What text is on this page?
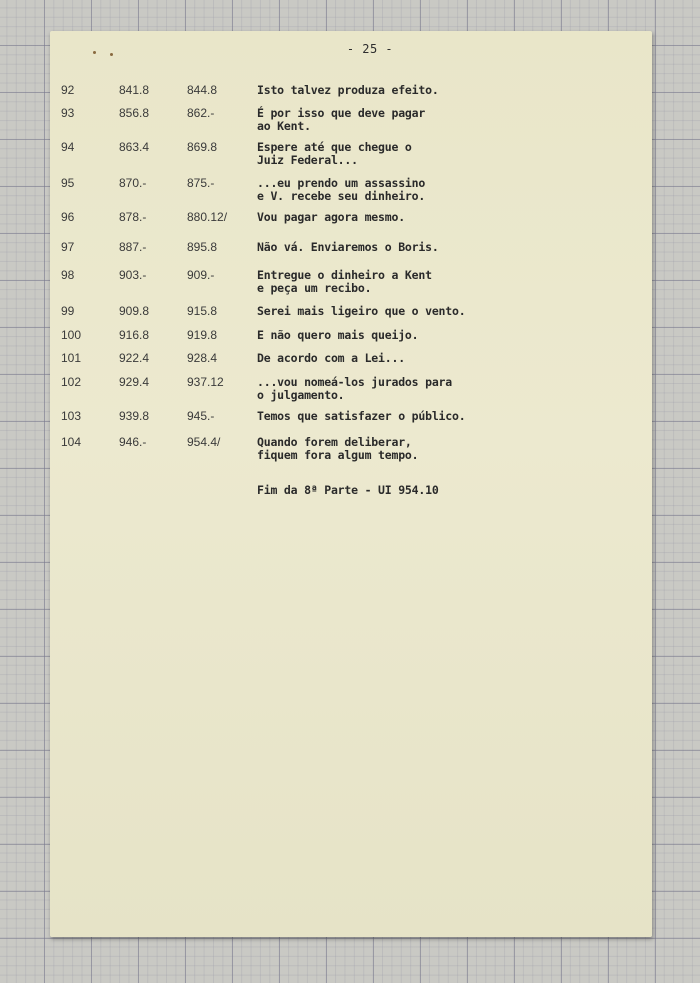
- 25 -
92	841.8	844.8	Isto talvez produza efeito.
93	856.8	862.-	É por isso que deve pagar
ao Kent.
94	863.4	869.8	Espere até que chegue o
Juiz Federal...
95	870.-	875.-	...eu prendo um assassino
e V. recebe seu dinheiro.
96	878.-	880.12/	Vou pagar agora mesmo.
97	887.-	895.8	Não vá. Enviaremos o Boris.
98	903.-	909.-	Entregue o dinheiro a Kent
e peça um recibo.
99	909.8	915.8	Serei mais ligeiro que o vento.
100	916.8	919.8	E não quero mais queijo.
101	922.4	928.4	De acordo com a Lei...
102	929.4	937.12	...vou nomeá-los jurados para
o julgamento.
103	939.8	945.-	Temos que satisfazer o público.
104	946.-	954.4/	Quando forem deliberar,
fiquem fora algum tempo.
Fim da 8ª Parte - UI 954.10
